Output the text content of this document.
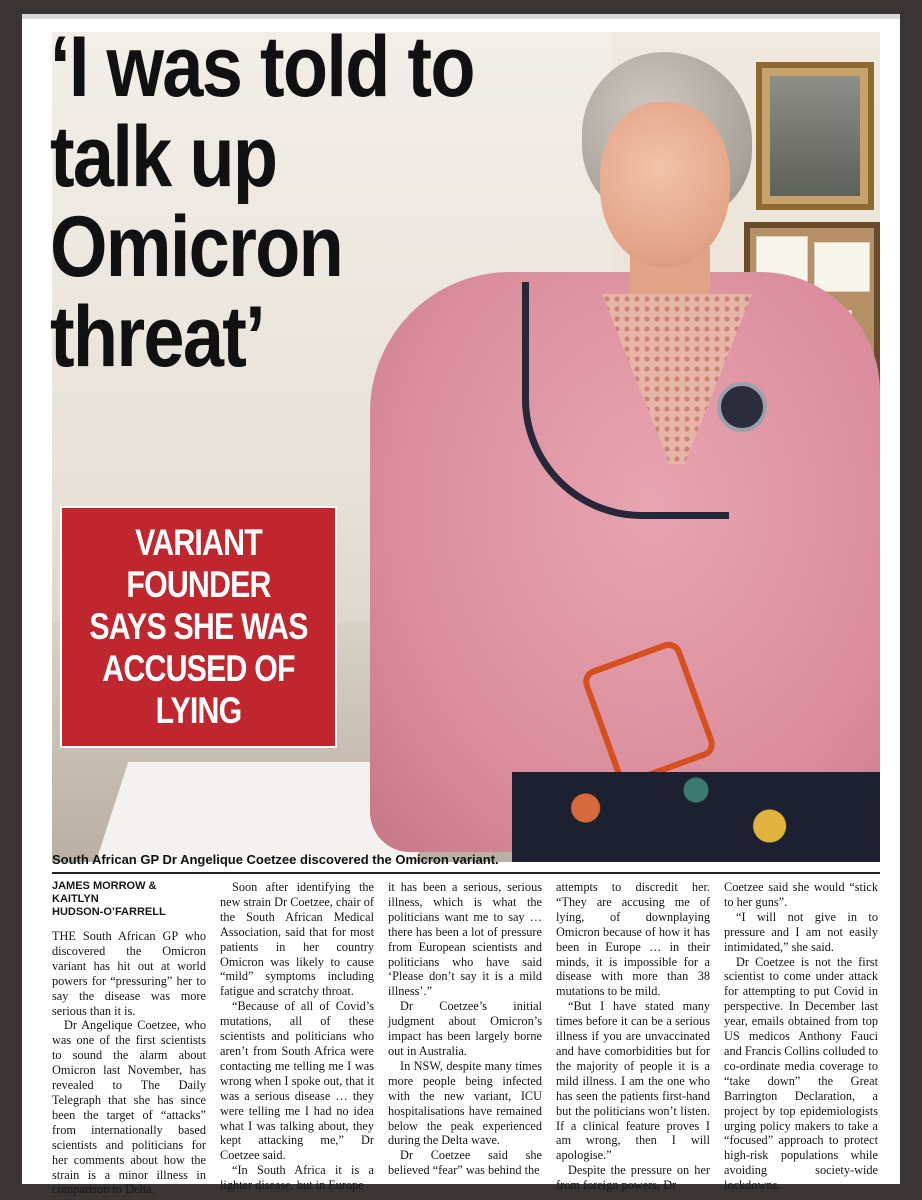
‘I was told to talk up Omicron threat’
VARIANT FOUNDER SAYS SHE WAS ACCUSED OF LYING
South African GP Dr Angelique Coetzee discovered the Omicron variant.
JAMES MORROW & KAITLYN
HUDSON-O’FARRELL

THE South African GP who discovered the Omicron variant has hit out at world powers for “pressuring” her to say the disease was more serious than it is.

Dr Angelique Coetzee, who was one of the first scientists to sound the alarm about Omicron last November, has revealed to The Daily Telegraph that she has since been the target of “attacks” from internationally based scientists and politicians for her comments about how the strain is a minor illness in comparison to Delta.

Soon after identifying the new strain Dr Coetzee, chair of the South African Medical Association, said that for most patients in her country Omicron was likely to cause “mild” symptoms including fatigue and scratchy throat.

“Because of all of Covid’s mutations, all of these scientists and politicians who aren’t from South Africa were contacting me telling me I was wrong when I spoke out, that it was a serious disease … they were telling me I had no idea what I was talking about, they kept attacking me,” Dr Coetzee said.

“In South Africa it is a lighter disease, but in Europe

it has been a serious, serious illness, which is what the politicians want me to say … there has been a lot of pressure from European scientists and politicians who have said ‘Please don’t say it is a mild illness’.”

Dr Coetzee’s initial judgment about Omicron’s impact has been largely borne out in Australia.

In NSW, despite many times more people being infected with the new variant, ICU hospitalisations have remained below the peak experienced during the Delta wave.

Dr Coetzee said she believed “fear” was behind the

attempts to discredit her. “They are accusing me of lying, of downplaying Omicron because of how it has been in Europe … in their minds, it is impossible for a disease with more than 38 mutations to be mild.

“But I have stated many times before it can be a serious illness if you are unvaccinated and have comorbidities but for the majority of people it is a mild illness. I am the one who has seen the patients first-hand but the politicians won’t listen. If a clinical feature proves I am wrong, then I will apologise.”

Despite the pressure on her from foreign powers, Dr

Coetzee said she would “stick to her guns”.

“I will not give in to pressure and I am not easily intimidated,” she said.

Dr Coetzee is not the first scientist to come under attack for attempting to put Covid in perspective. In December last year, emails obtained from top US medicos Anthony Fauci and Francis Collins colluded to co-ordinate media coverage to “take down” the Great Barrington Declaration, a project by top epidemiologists urging policy makers to take a “focused” approach to protect high-risk populations while avoiding society-wide lockdowns.
